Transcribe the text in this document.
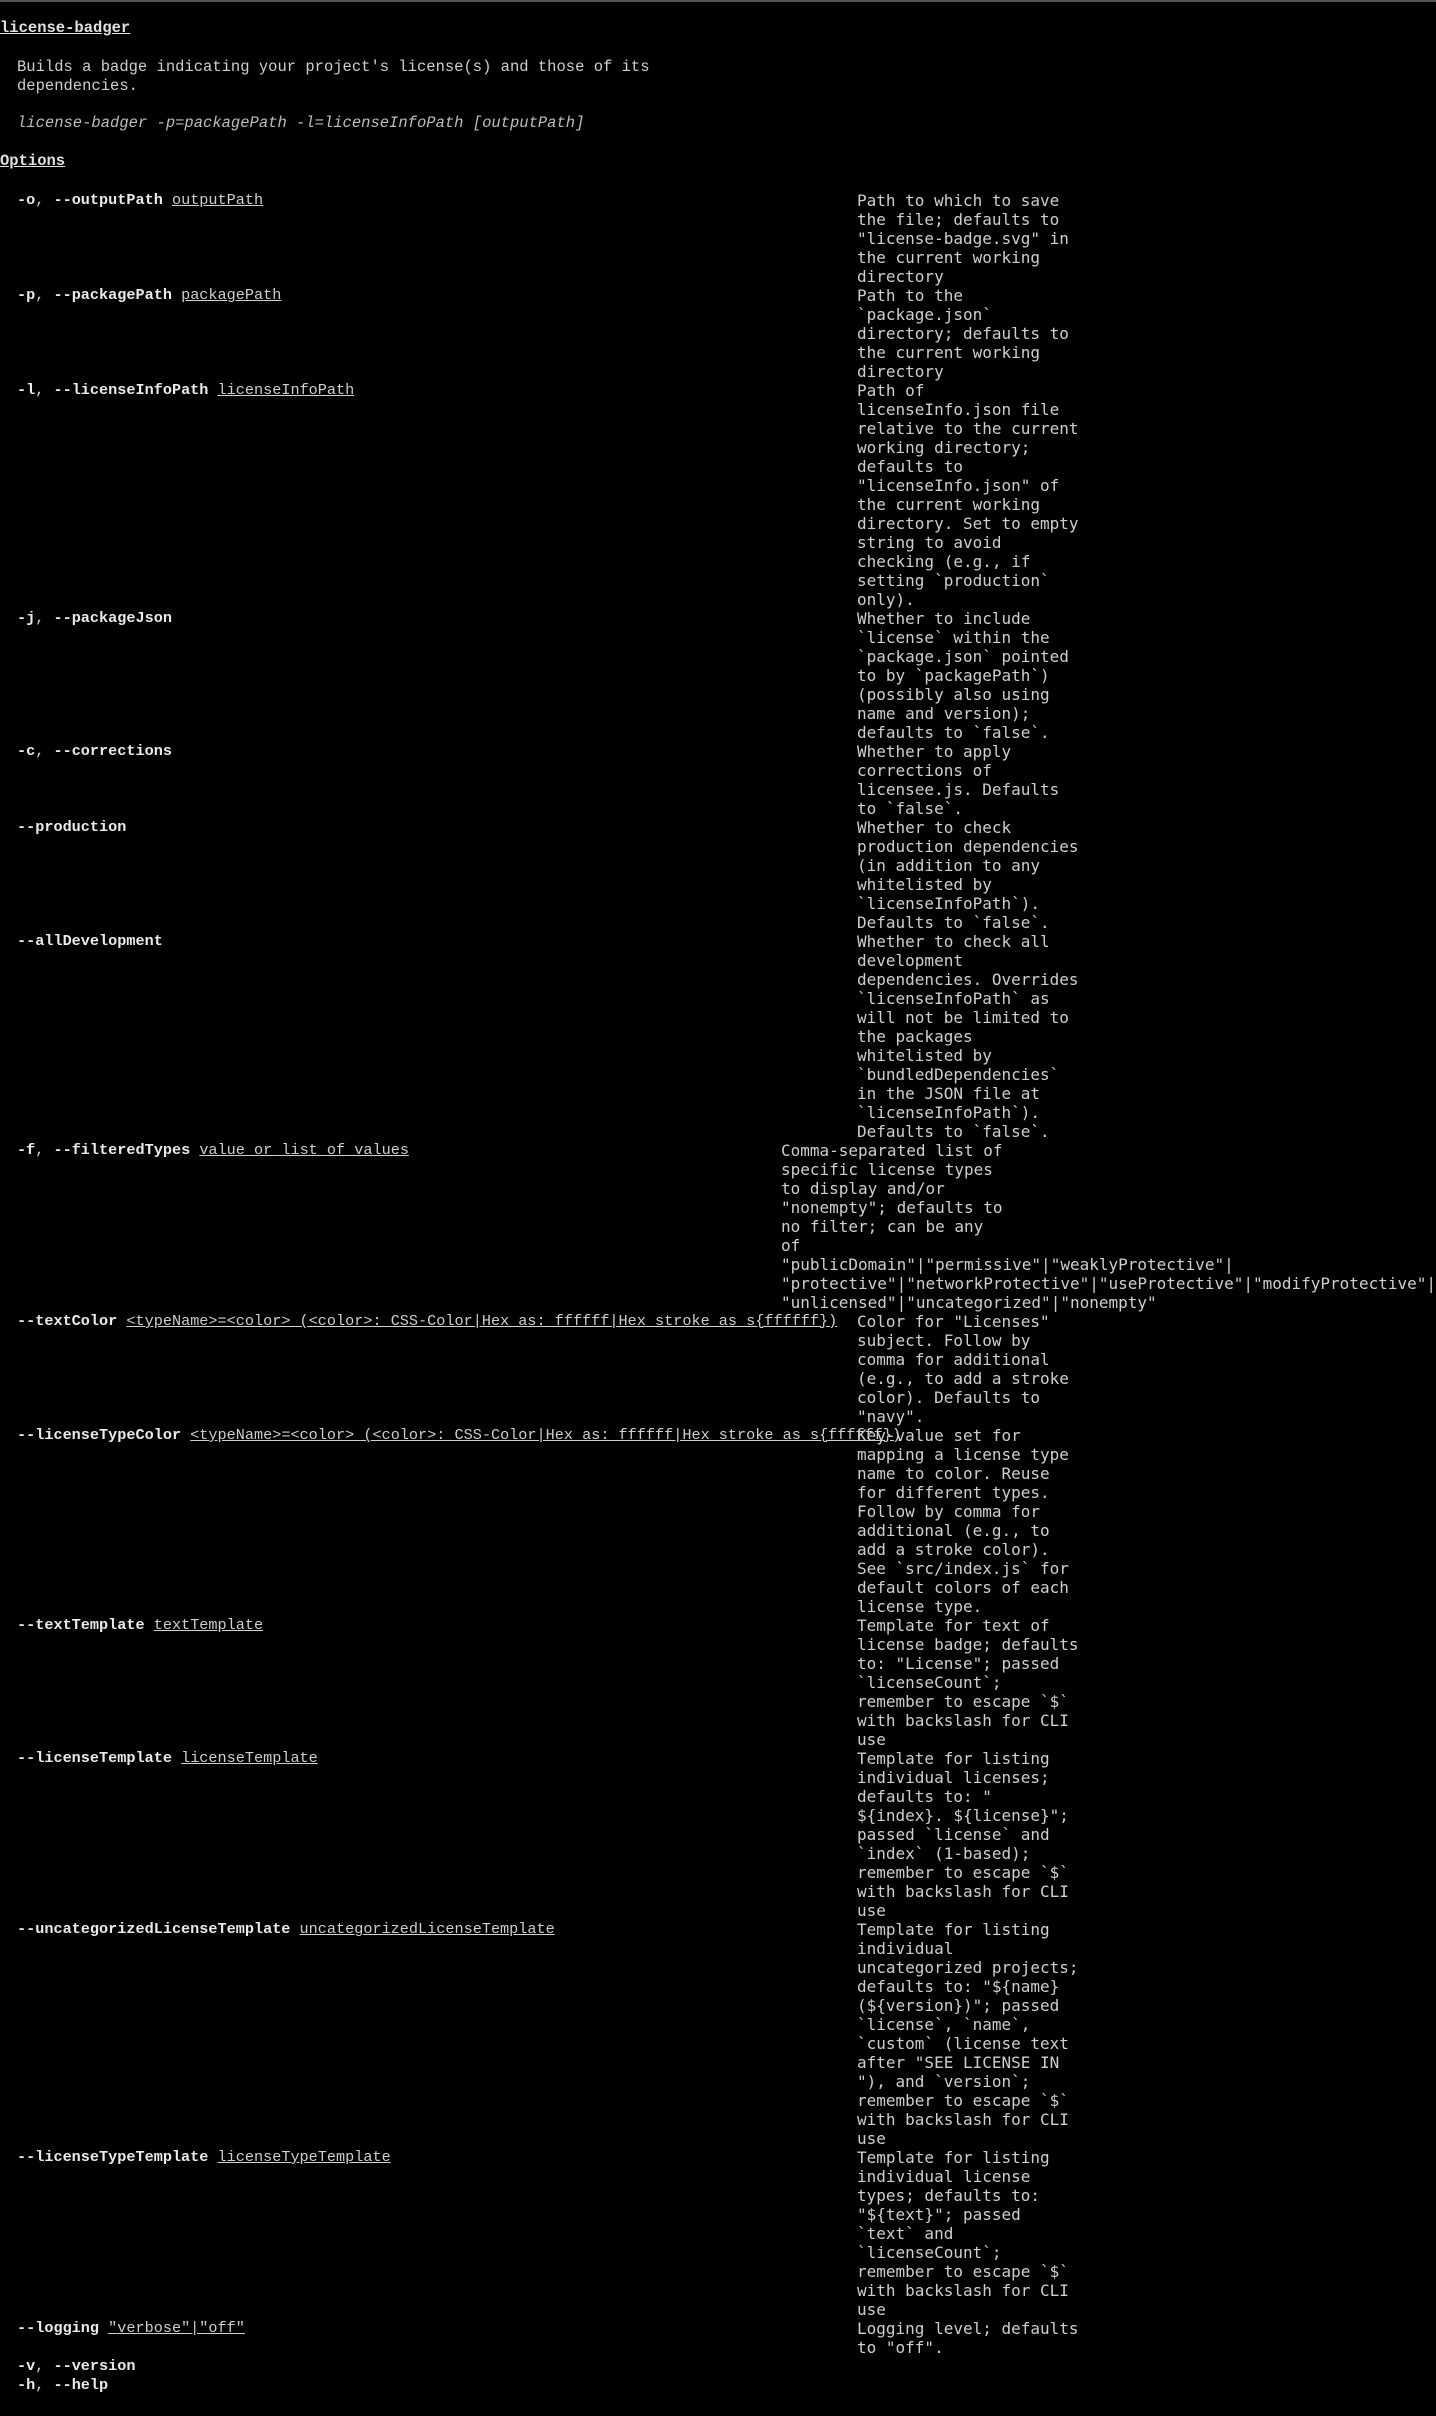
license-badger
Builds a badge indicating your project's license(s) and those of its
dependencies.
license-badger -p=packagePath -l=licenseInfoPath [outputPath]
Options
-o, --outputPath outputPath	Path to which to save
the file; defaults to
"license-badge.svg" in
the current working
directory
-p, --packagePath packagePath	Path to the
`package.json`
directory; defaults to
the current working
directory
-l, --licenseInfoPath licenseInfoPath	Path of
licenseInfo.json file
relative to the current
working directory;
defaults to
"licenseInfo.json" of
the current working
directory. Set to empty
string to avoid
checking (e.g., if
setting `production`
only).
-j, --packageJson	Whether to include
`license` within the
`package.json` pointed
to by `packagePath`)
(possibly also using
name and version);
defaults to `false`.
-c, --corrections	Whether to apply
corrections of
licensee.js. Defaults
to `false`.
--production	Whether to check
production dependencies
(in addition to any
whitelisted by
`licenseInfoPath`).
Defaults to `false`.
--allDevelopment	Whether to check all
development
dependencies. Overrides
`licenseInfoPath` as
will not be limited to
the packages
whitelisted by
`bundledDependencies`
in the JSON file at
`licenseInfoPath`).
Defaults to `false`.
-f, --filteredTypes value or list of values	Comma-separated list of
specific license types
to display and/or
"nonempty"; defaults to
no filter; can be any
of
"publicDomain"|"permissive"|"weaklyProtective"|
"protective"|"networkProtective"|"useProtective"|"modifyProtective"|
"unlicensed"|"uncategorized"|"nonempty"
--textColor <typeName>=<color> (<color>: CSS-Color|Hex as: ffffff|Hex stroke as s{ffffff})	Color for "Licenses"
subject. Follow by
comma for additional
(e.g., to add a stroke
color). Defaults to
"navy".
--licenseTypeColor <typeName>=<color> (<color>: CSS-Color|Hex as: ffffff|Hex stroke as s{ffffff})
Key-value set for
mapping a license type
name to color. Reuse
for different types.
Follow by comma for
additional (e.g., to
add a stroke color).
See `src/index.js` for
default colors of each
license type.
--textTemplate textTemplate	Template for text of
license badge; defaults
to: "License"; passed
`licenseCount`;
remember to escape `$`
with backslash for CLI
use
--licenseTemplate licenseTemplate	Template for listing
individual licenses;
defaults to: "
${index}. ${license}";
passed `license` and
`index` (1-based);
remember to escape `$`
with backslash for CLI
use
--uncategorizedLicenseTemplate uncategorizedLicenseTemplate	Template for listing
individual
uncategorized projects;
defaults to: "${name}
(${version})"; passed
`license`, `name`,
`custom` (license text
after "SEE LICENSE IN
"), and `version`;
remember to escape `$`
with backslash for CLI
use
--licenseTypeTemplate licenseTypeTemplate	Template for listing
individual license
types; defaults to:
"${text}"; passed
`text` and
`licenseCount`;
remember to escape `$`
with backslash for CLI
use
--logging "verbose"|"off"	Logging level; defaults
to "off".
-v, --version
-h, --help
